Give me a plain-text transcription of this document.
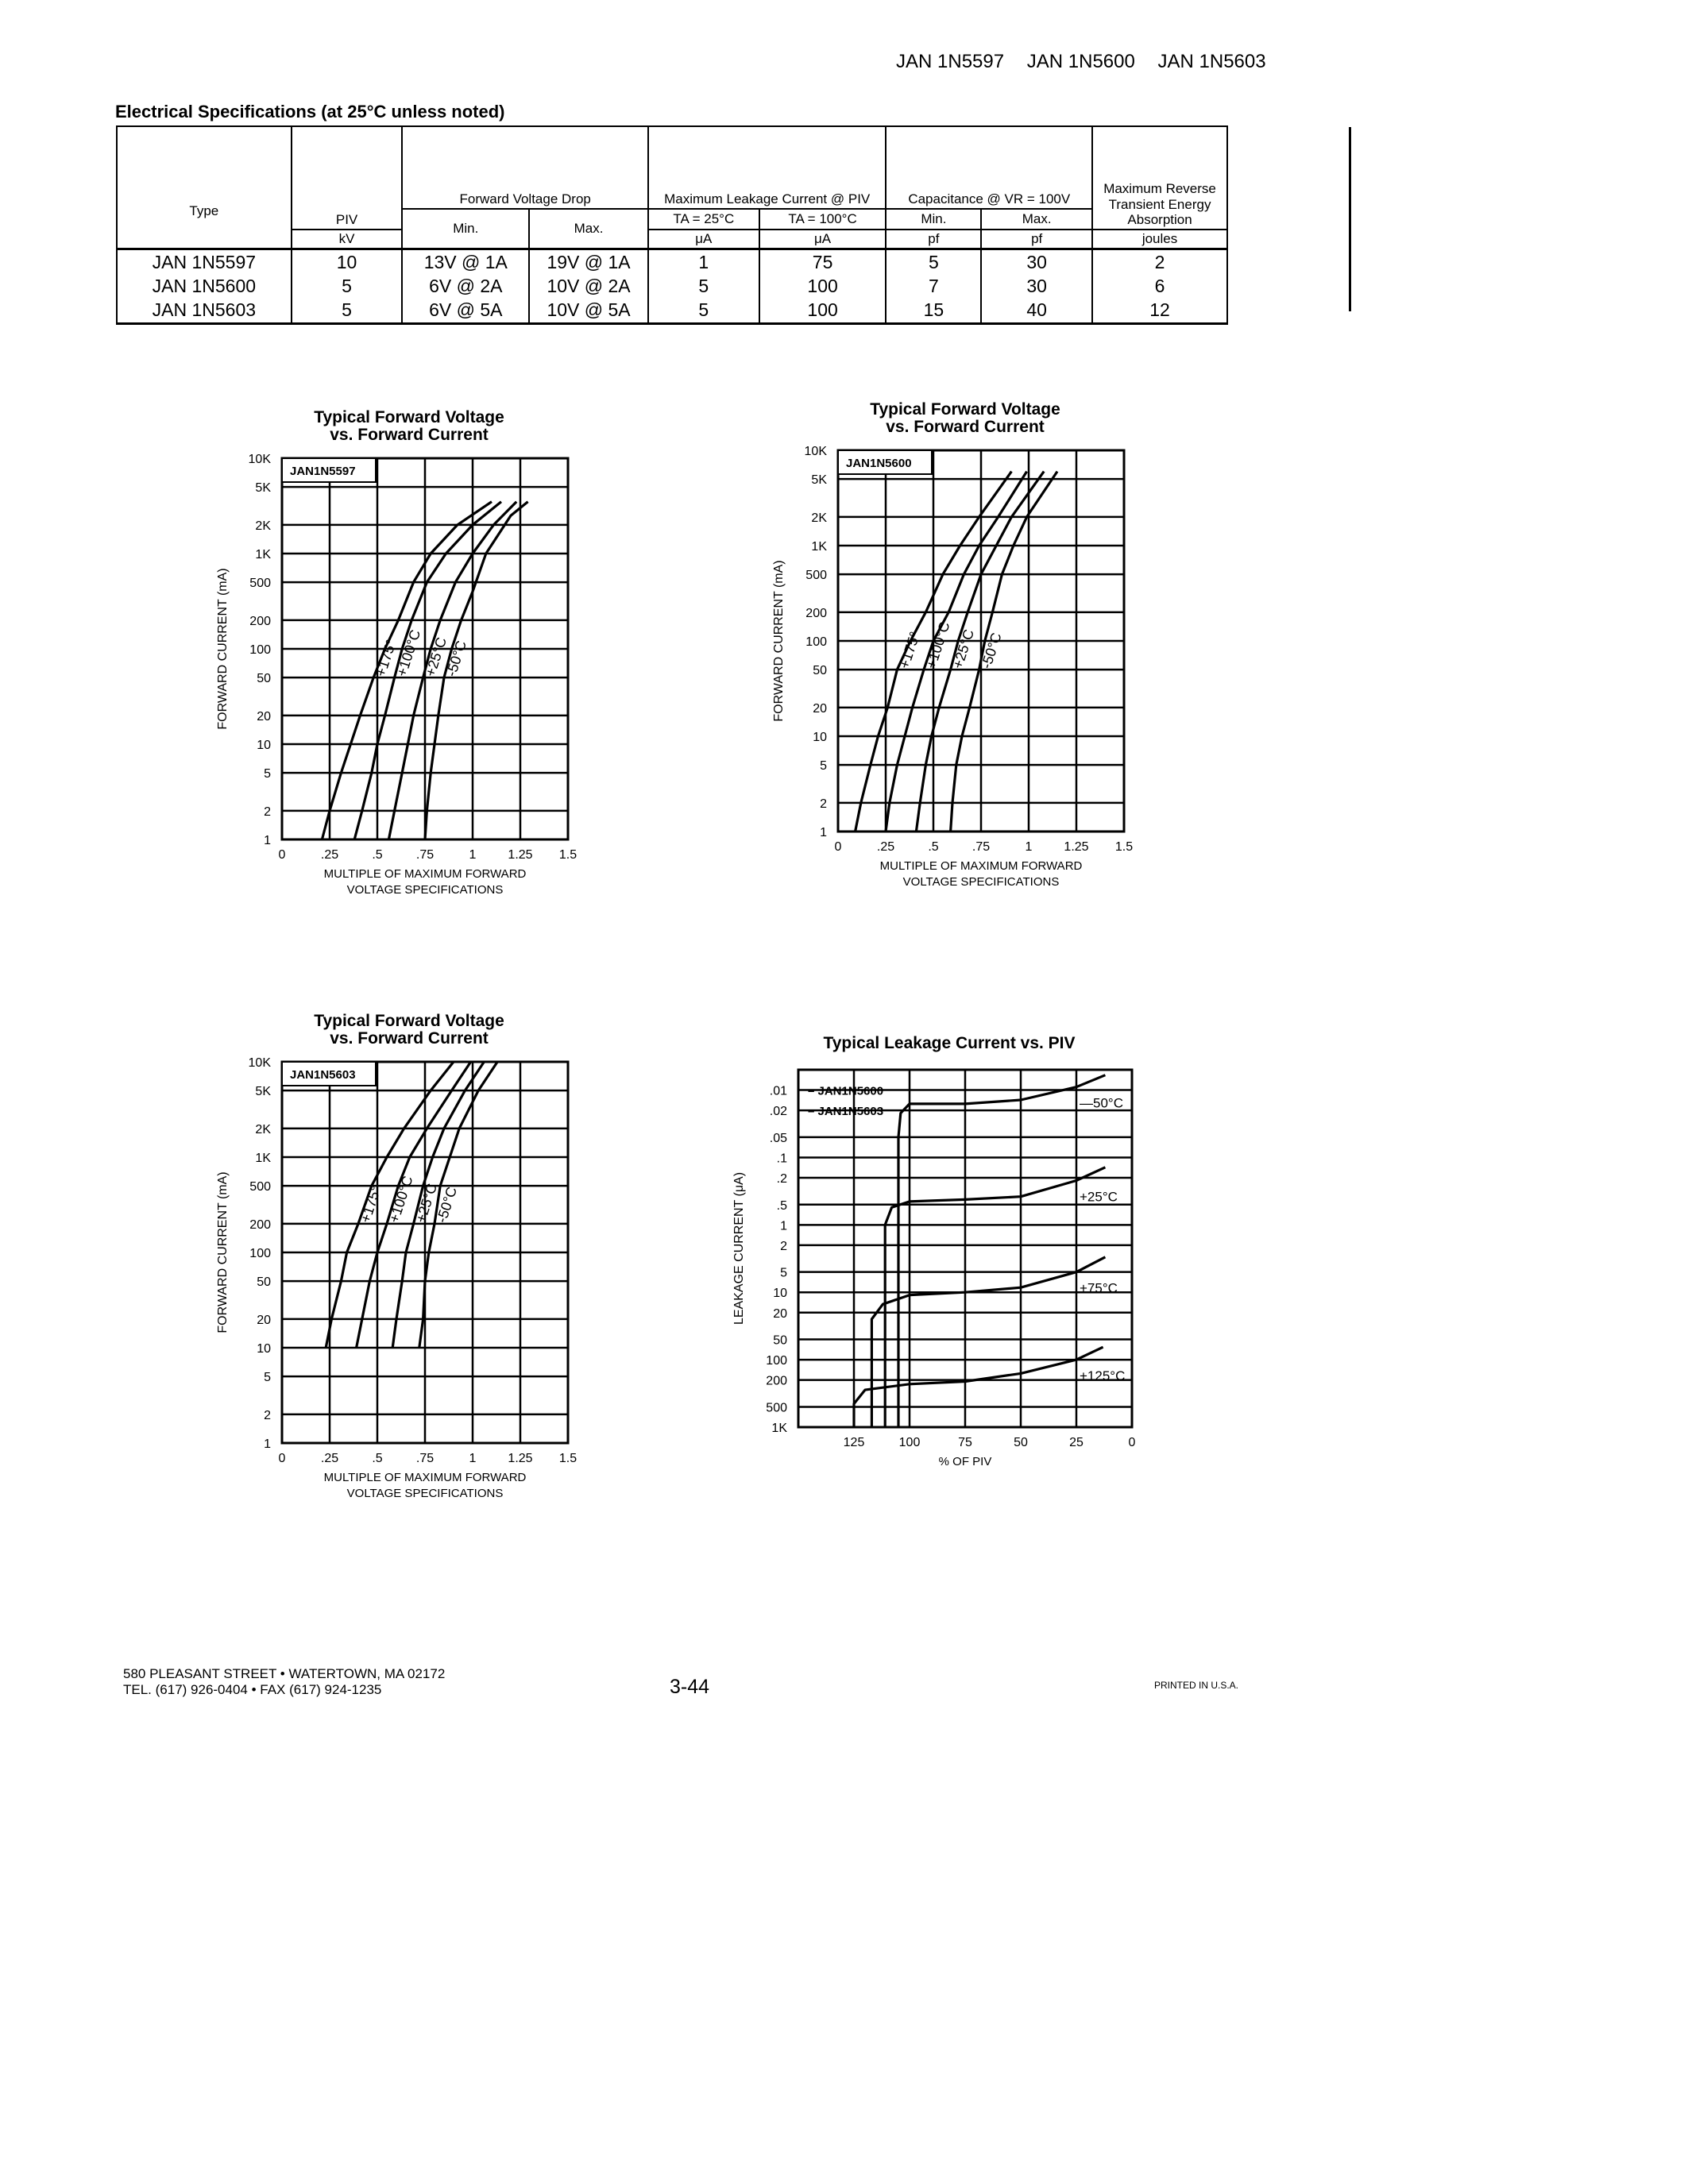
JAN 1N5597 JAN 1N5600 JAN 1N5603
Electrical Specifications (at 25°C unless noted)
Type	PIV	Forward Voltage Drop		Maximum Leakage Current @ PIV		Capacitance @ VR = 100V		Maximum Reverse Transient Energy Absorption
		Min.	Max.	TA = 25°C	TA = 100°C	Min.	Max.	
	kV			μA	μA	pf	pf	joules
JAN 1N5597	10	13V @ 1A	19V @ 1A	1	75	5	30	2
JAN 1N5600	5	6V @ 2A	10V @ 2A	5	100	7	30	6
JAN 1N5603	5	6V @ 5A	10V @ 5A	5	100	15	40	12
Typical Forward Voltage
vs. Forward Current
1
2
5
10
20
50
100
200
500
1K
2K
5K
10K
0	.25	.5	.75	1 1.25 1.5
+175°
+100°C
+25°C
-50°C
JAN1N5597
FORWARD CURRENT (mA)
MULTIPLE OF MAXIMUM FORWARD
VOLTAGE SPECIFICATIONS
Typical Forward Voltage
vs. Forward Current
1
2
5
10
20
50
100
200
500
1K
2K
5K
10K
0	.25	.5	.75	1 1.25 1.5
+175° +100°C
+25°C -50°C
JAN1N5600
FORWARD CURRENT (mA)
MULTIPLE OF MAXIMUM FORWARD
VOLTAGE SPECIFICATIONS
Typical Forward Voltage
vs. Forward Current
1
2
5
10
20
50
100
200
500
1K
2K
5K
10K
0	.25	.5	.75	1 1.25 1.5
+175° +100°C
+25°C
-50°C
JAN1N5603
FORWARD CURRENT (mA)
MULTIPLE OF MAXIMUM FORWARD
VOLTAGE SPECIFICATIONS
Typical Leakage Current vs. PIV
.01
.02
.05
.1
.2
.5
1
2
5
10
20
50
100
200
500
1K
125	100	75	50	25	0
—50°C
+25°C
+75°C
+125°C
– JAN1N5600
– JAN1N5603
LEAKAGE CURRENT (μA)
% OF PIV
580 PLEASANT STREET • WATERTOWN, MA 02172
TEL. (617) 926-0404 • FAX (617) 924-1235	3-44	PRINTED IN U.S.A.
